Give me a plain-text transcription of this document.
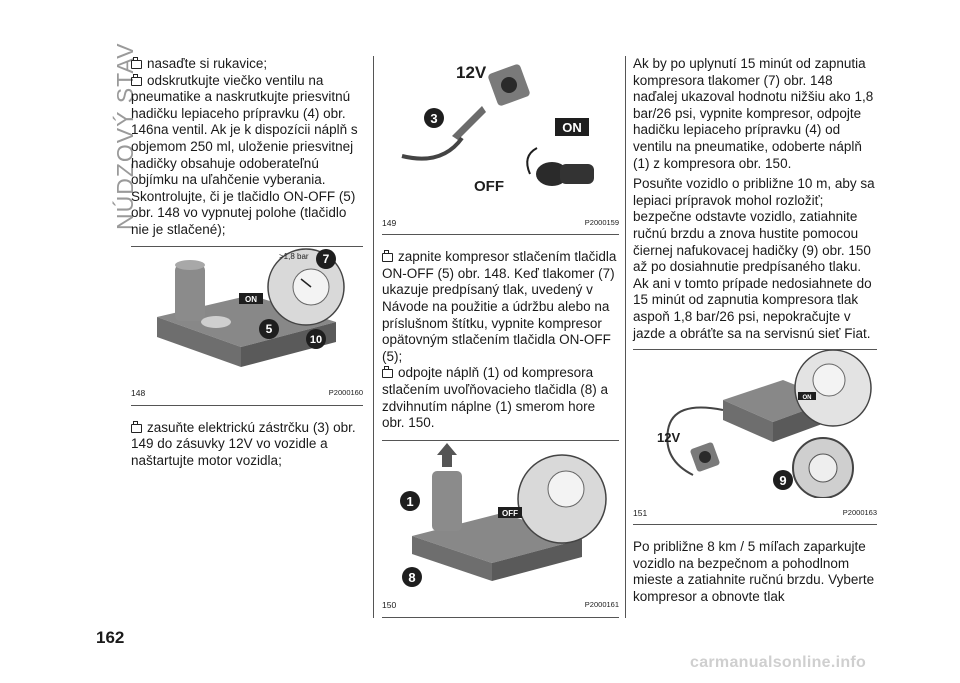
NÚDZOVÝ STAV
162

nasaďte si rukavice;

odskrutkujte viečko ventilu na pneumatike a naskrutkujte priesvitnú hadičku lepiaceho prípravku (4) obr. 146na ventil. Ak je k dispozícii náplň s objemom 250 ml, uloženie priesvitnej hadičky obsahuje odoberateľnú objímku na uľahčenie vyberania. Skontrolujte, či je tlačidlo ON-OFF (5) obr. 148 vo vypnutej polohe (tlačidlo nie je stlačené);

ON
>1,8 bar 7
5
10
148	P2000160

zasuňte elektrickú zástrčku (3) obr. 149 do zásuvky 12V vo vozidle a naštartujte motor vozidla;

12V
3
ON
OFF
149	P2000159

zapnite kompresor stlačením tlačidla ON-OFF (5) obr. 148. Keď tlakomer (7) ukazuje predpísaný tlak, uvedený v Návode na použitie a údržbu alebo na príslušnom štítku, vypnite kompresor opätovným stlačením tlačidla ON-OFF (5);

odpojte náplň (1) od kompresora stlačením uvoľňovacieho tlačidla (8) a zdvihnutím náplne (1) smerom hore obr. 150.

OFF
1
8
150	P2000161

Ak by po uplynutí 15 minút od zapnutia kompresora tlakomer (7) obr. 148 naďalej ukazoval hodnotu nižšiu ako 1,8 bar/26 psi, vypnite kompresor, odpojte hadičku lepiaceho prípravku (4) od ventilu na pneumatike, odoberte náplň (1) z kompresora obr. 150.

Posuňte vozidlo o približne 10 m, aby sa lepiaci prípravok mohol rozložiť; bezpečne odstavte vozidlo, zatiahnite ručnú brzdu a znova hustite pomocou čiernej nafukovacej hadičky (9) obr. 150 až po dosiahnutie predpísaného tlaku. Ak ani v tomto prípade nedosiahnete do 15 minút od zapnutia kompresora tlak aspoň 1,8 bar/26 psi, nepokračujte v jazde a obráťte sa na servisnú sieť Fiat.

ON
12V
9
151	P2000163

Po približne 8 km / 5 míľach zaparkujte vozidlo na bezpečnom a pohodlnom mieste a zatiahnite ručnú brzdu. Vyberte kompresor a obnovte tlak

carmanualsonline.info
